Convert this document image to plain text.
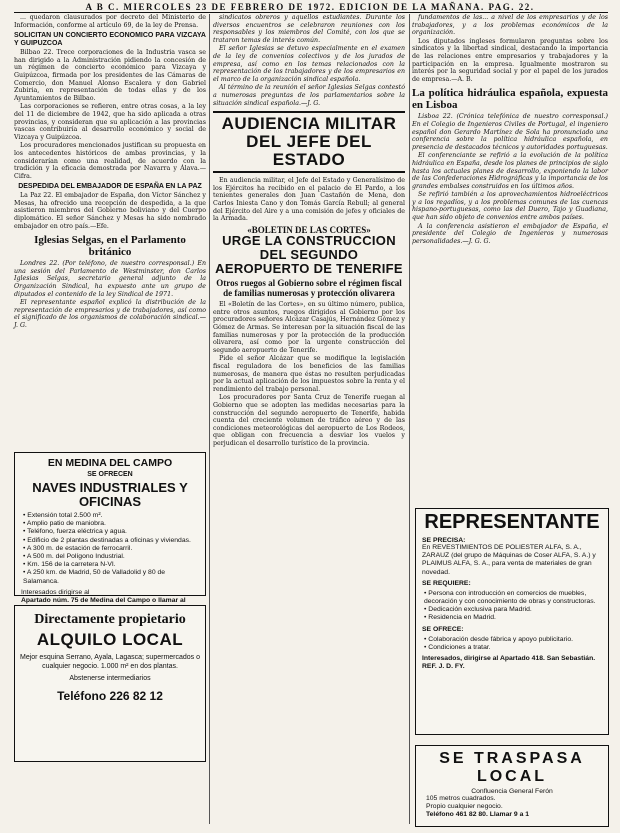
A B C. MIERCOLES 23 DE FEBRERO DE 1972. EDICION DE LA MAÑANA. PAG. 22.

... quedaron clausurados por decreto del Ministerio de Información, conforme al artículo 69, de la ley de Prensa.

SOLICITAN UN CONCIERTO ECONOMICO PARA VIZCAYA Y GUIPUZCOA

Bilbao 22. Trece corporaciones de la Industria vasca se han dirigido a la Administración pidiendo la concesión de un régimen de concierto económico para Vizcaya y Guipúzcoa, firmada por los presidentes de las Cámaras de Comercio, don Manuel Alonso Escalera y don Gabriel Zubiria, en representación de todas ellas y de los Ayuntamientos de Bilbao.

Las corporaciones se refieren, entre otras cosas, a la ley del 11 de diciembre de 1942, que ha sido aplicada a otras provincias, y consideran que su aplicación a las provincias vascas contribuiría al desarrollo económico y social de Vizcaya y Guipúzcoa.

Los procuradores mencionados justifican su propuesta en los antecedentes históricos de ambas provincias, y la considerarían como una realidad, de acuerdo con la tradición y la eficacia demostrada por Navarra y Álava.—Cifra.

DESPEDIDA DEL EMBAJADOR DE ESPAÑA EN LA PAZ

La Paz 22. El embajador de España, don Víctor Sánchez y Mesas, ha ofrecido una recepción de despedida, a la que asistieron miembros del Gobierno boliviano y del Cuerpo diplomático. El señor Sánchez y Mesas ha sido nombrado embajador en otro país.—Efe.

Iglesias Selgas, en el Parlamento británico

Londres 22. (Por teléfono, de nuestro corresponsal.) En una sesión del Parlamento de Westminster, don Carlos Iglesias Selgas, secretario general adjunto de la Organización Sindical, ha expuesto ante un grupo de diputados el contenido de la ley Sindical de 1971.

El representante español explicó la distribución de la representación de empresarios y de trabajadores, así como el significado de los organismos de colaboración sindical.—J. G.

sindicatos obreros y aquellos estudiantes. Durante los diversos encuentros se celebraron reuniones con los responsables y los miembros del Comité, con los que se trataron temas de interés común.

El señor Iglesias se detuvo especialmente en el examen de la ley de convenios colectivos y de los jurados de empresa, así como en los temas relacionados con la representación de los trabajadores y de los empresarios en el marco de la organización sindical española.

Al término de la reunión el señor Iglesias Selgas contestó a numerosas preguntas de los parlamentarios sobre la situación sindical española.—J. G.

AUDIENCIA MILITAR DEL JEFE DEL ESTADO

En audiencia militar, el Jefe del Estado y Generalísimo de los Ejércitos ha recibido en el palacio de El Pardo, a los tenientes generales don Juan Castañón de Mena, don Carlos Iniesta Cano y don Tomás García Rebull; al general del Ejército del Aire y a una comisión de jefes y oficiales de la Armada.

«BOLETIN DE LAS CORTES»
URGE LA CONSTRUCCION DEL SEGUNDO AEROPUERTO DE TENERIFE
Otros ruegos al Gobierno sobre el régimen fiscal de familias numerosas y protección olivarera

El «Boletín de las Cortes», en su último número, publica, entre otros asuntos, ruegos dirigidos al Gobierno por los procuradores señores Alcázar Casajús, Hernández Gómez y Gómez de Armas. Se interesan por la situación fiscal de las familias numerosas y por la protección de la producción olivarera, así como por la urgente construcción del segundo aeropuerto de Tenerife.

Pide el señor Alcázar que se modifique la legislación fiscal reguladora de los beneficios de las familias numerosas, de manera que éstas no resulten perjudicadas por la actual aplicación de los impuestos sobre la renta y el rendimiento del trabajo personal.

Los procuradores por Santa Cruz de Tenerife ruegan al Gobierno que se adopten las medidas necesarias para la construcción del segundo aeropuerto de Tenerife, habida cuenta del creciente volumen de tráfico aéreo y de las condiciones meteorológicas del aeropuerto de Los Rodeos, que obligan con frecuencia a desviar los vuelos y perjudican el desarrollo turístico de la provincia.

fundamentos de las... a nivel de los empresarios y de los trabajadores, y a los problemas económicos de la organización.

Los diputados ingleses formularon preguntas sobre los sindicatos y la libertad sindical, destacando la importancia de las relaciones entre empresarios y trabajadores y la participación en la empresa. Igualmente mostraron su interés por la seguridad social y por el papel de los jurados de empresa.—A. B.

La política hidráulica española, expuesta en Lisboa

Lisboa 22. (Crónica telefónica de nuestro corresponsal.) En el Colegio de Ingenieros Civiles de Portugal, el ingeniero español don Gerardo Martínez de Sola ha pronunciado una conferencia sobre la política hidráulica española, en presencia de destacados técnicos y autoridades portuguesas.

El conferenciante se refirió a la evolución de la política hidráulica en España, desde los planes de principios de siglo hasta los actuales planes de desarrollo, exponiendo la labor de las Confederaciones Hidrográficas y la importancia de los grandes embalses construidos en los últimos años.

Se refirió también a los aprovechamientos hidroeléctricos y a los regadíos, y a los problemas comunes de las cuencas hispano-portuguesas, como las del Duero, Tajo y Guadiana, que han sido objeto de convenios entre ambos países.

A la conferencia asistieron el embajador de España, el presidente del Colegio de Ingenieros y numerosas personalidades.—J. G. G.

EN MEDINA DEL CAMPO
SE OFRECEN
NAVES INDUSTRIALES Y OFICINAS
• Extensión total 2.500 m².
• Amplio patio de maniobra.
• Teléfono, fuerza eléctrica y agua.
• Edificio de 2 plantas destinadas a oficinas y viviendas.
• A 300 m. de estación de ferrocarril.
• A 500 m. del Polígono Industrial.
• Km. 156 de la carretera N-VI.
• A 250 km. de Madrid, 50 de Valladolid y 80 de Salamanca.
Interesados dirigirse al
Apartado núm. 75 de Medina del Campo o llamar al
Directamente propietario
ALQUILO LOCAL
Mejor esquina Serrano, Ayala, Lagasca; supermercados o cualquier negocio. 1.000 m² en dos plantas.
Abstenerse intermediarios
Teléfono 226 82 12
REPRESENTANTE
SE PRECISA:
En REVESTIMIENTOS DE POLIESTER ALFA, S. A., ZARAUZ (del grupo de Máquinas de Coser ALFA, S. A.) y PLAIMUS ALFA, S. A., para venta de materiales de gran novedad.
SE REQUIERE:
• Persona con introducción en comercios de muebles, decoración y con conocimiento de obras y constructoras.
• Dedicación exclusiva para Madrid.
• Residencia en Madrid.
SE OFRECE:
• Colaboración desde fábrica y apoyo publicitario.
• Condiciones a tratar.
Interesados, dirigirse al Apartado 418. San Sebastián. REF. J. D. FY.
SE TRASPASA
LOCAL
Confluencia General Ferón
105 metros cuadrados.
Propio cualquier negocio.
Teléfono 461 82 80. Llamar 9 a 1
